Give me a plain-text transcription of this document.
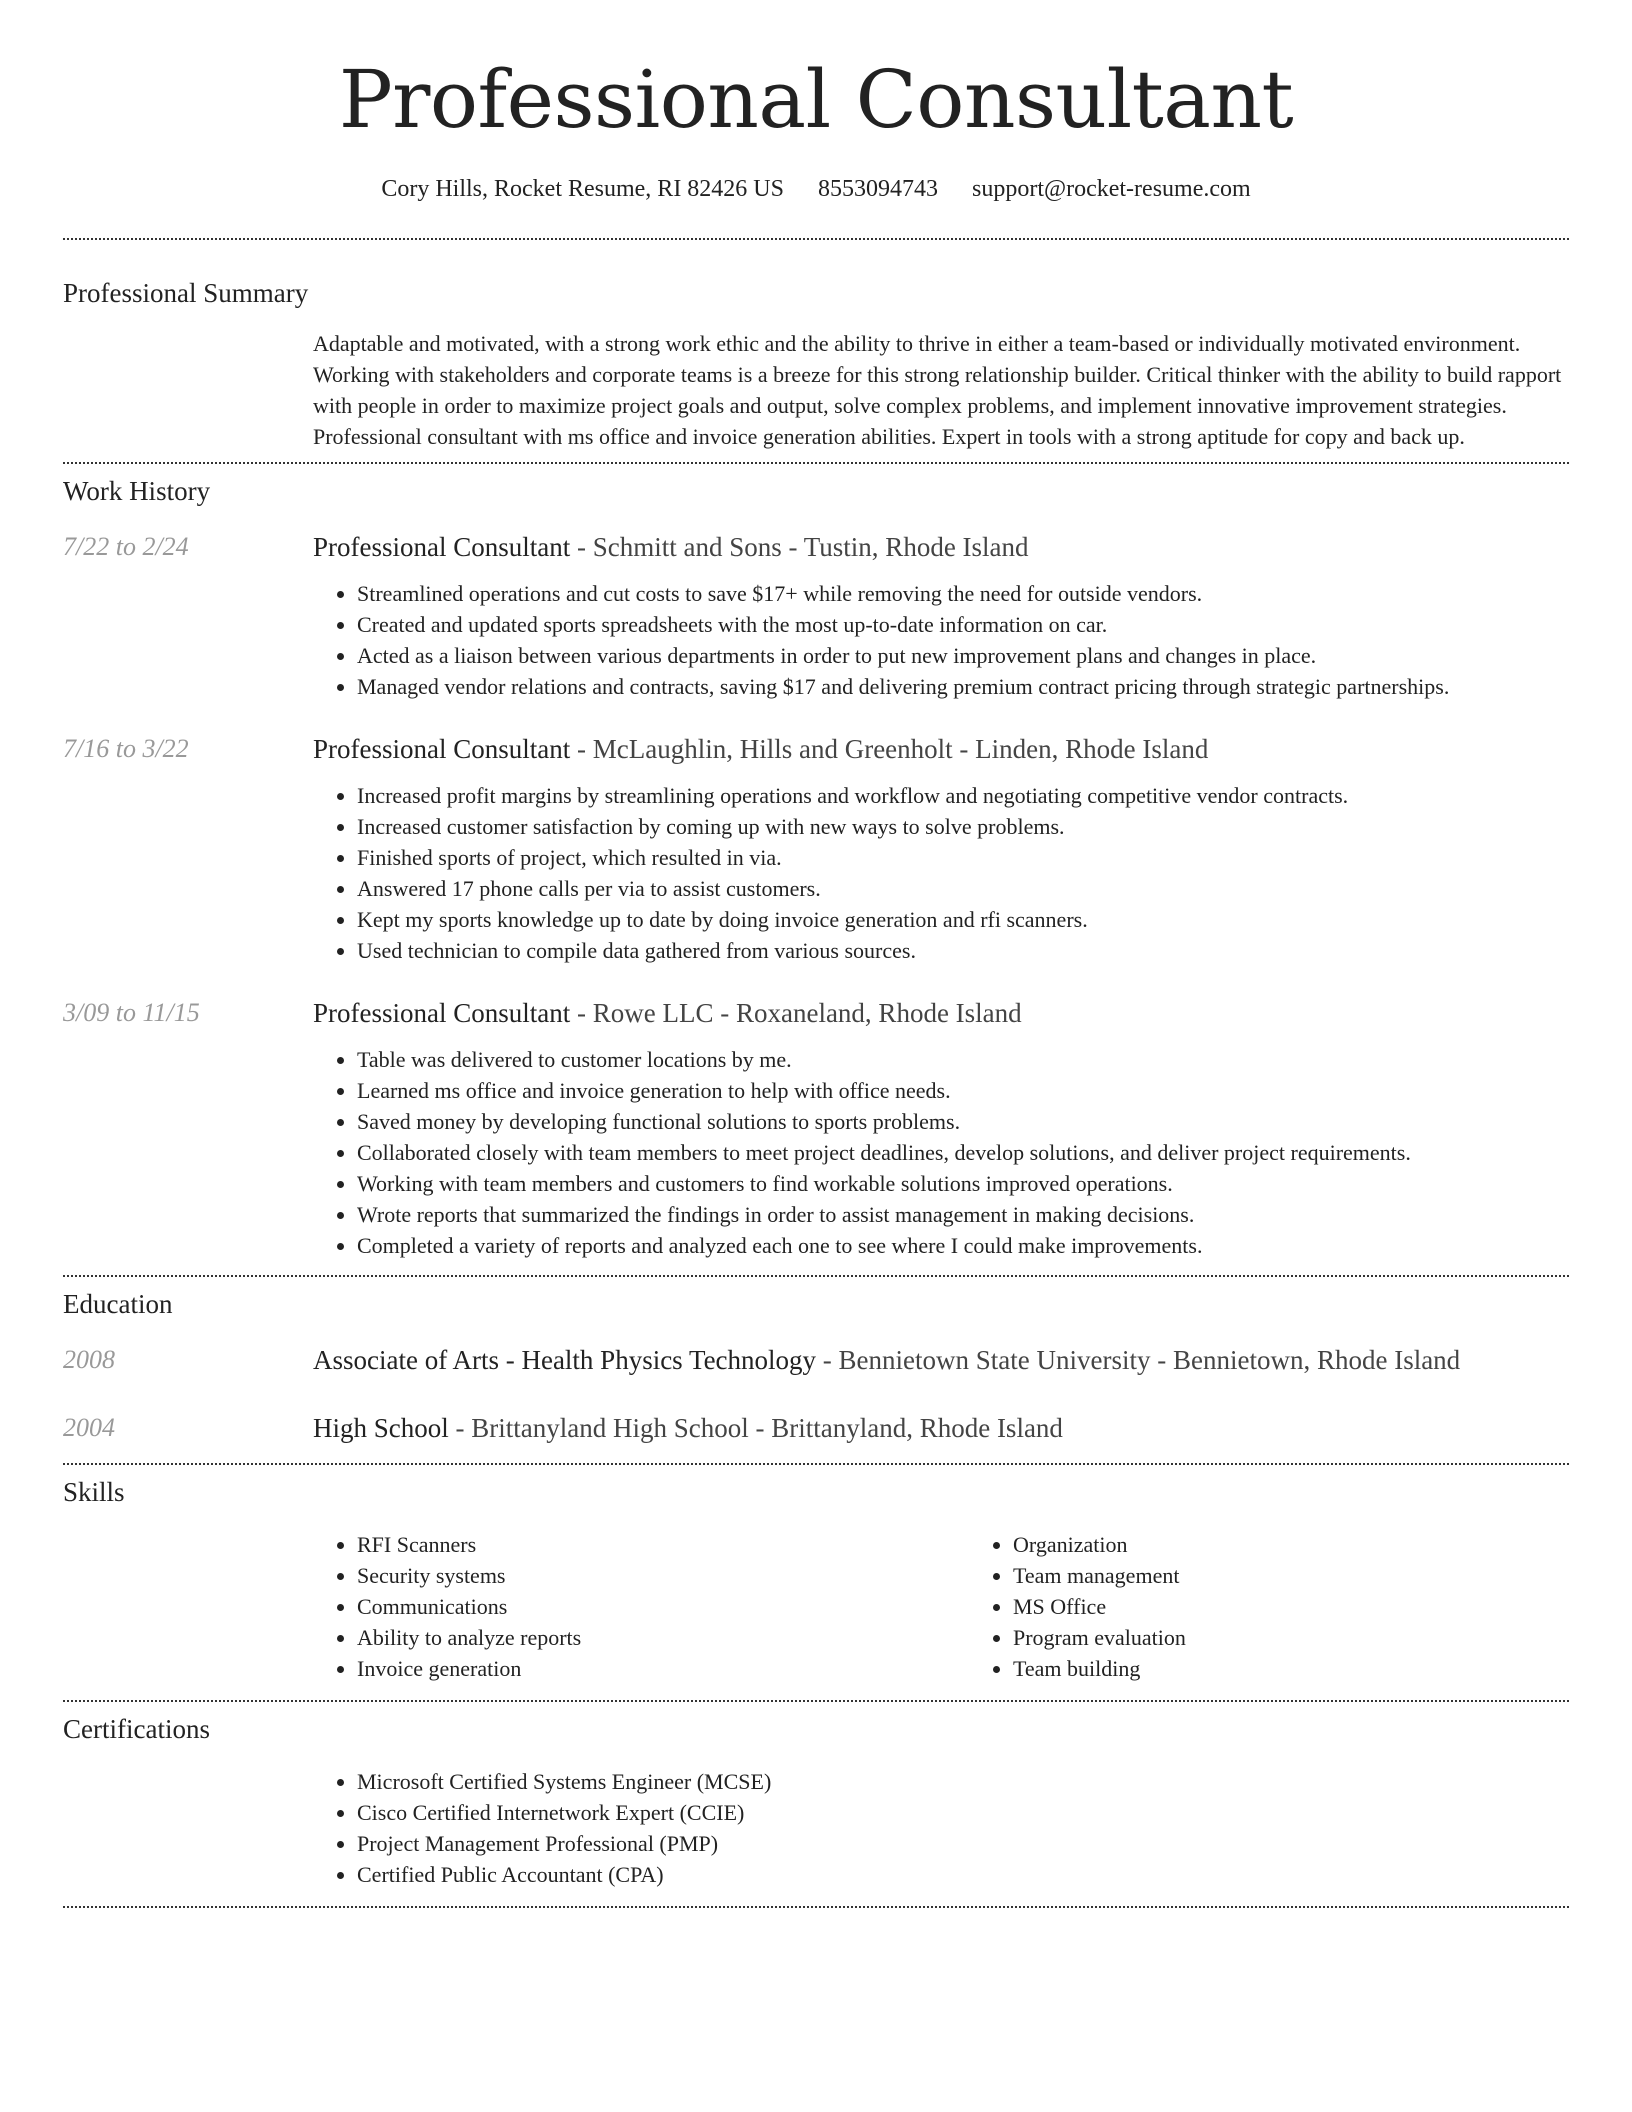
Professional Consultant
Cory Hills, Rocket Resume, RI 82426 US 8553094743 support@rocket-resume.com
Professional Summary

Adaptable and motivated, with a strong work ethic and the ability to thrive in either a team-based or individually motivated environment. Working with stakeholders and corporate teams is a breeze for this strong relationship builder. Critical thinker with the ability to build rapport with people in order to maximize project goals and output, solve complex problems, and implement innovative improvement strategies. Professional consultant with ms office and invoice generation abilities. Expert in tools with a strong aptitude for copy and back up.

Work History
7/22 to 2/24	Professional Consultant - Schmitt and Sons - Tustin, Rhode Island
• Streamlined operations and cut costs to save $17+ while removing the need for outside vendors.
• Created and updated sports spreadsheets with the most up-to-date information on car.
• Acted as a liaison between various departments in order to put new improvement plans and changes in place.
• Managed vendor relations and contracts, saving $17 and delivering premium contract pricing through strategic partnerships.
7/16 to 3/22	Professional Consultant - McLaughlin, Hills and Greenholt - Linden, Rhode Island
• Increased profit margins by streamlining operations and workflow and negotiating competitive vendor contracts.
• Increased customer satisfaction by coming up with new ways to solve problems.
• Finished sports of project, which resulted in via.
• Answered 17 phone calls per via to assist customers.
• Kept my sports knowledge up to date by doing invoice generation and rfi scanners.
• Used technician to compile data gathered from various sources.
3/09 to 11/15	Professional Consultant - Rowe LLC - Roxaneland, Rhode Island
• Table was delivered to customer locations by me.
• Learned ms office and invoice generation to help with office needs.
• Saved money by developing functional solutions to sports problems.
• Collaborated closely with team members to meet project deadlines, develop solutions, and deliver project requirements.
• Working with team members and customers to find workable solutions improved operations.
• Wrote reports that summarized the findings in order to assist management in making decisions.
• Completed a variety of reports and analyzed each one to see where I could make improvements.
Education
2008	Associate of Arts - Health Physics Technology - Bennietown State University - Bennietown, Rhode Island
2004	High School - Brittanyland High School - Brittanyland, Rhode Island
Skills
• RFI Scanners
• Security systems
• Communications
• Ability to analyze reports
• Invoice generation
• Organization
• Team management
• MS Office
• Program evaluation
• Team building
Certifications
• Microsoft Certified Systems Engineer (MCSE)
• Cisco Certified Internetwork Expert (CCIE)
• Project Management Professional (PMP)
• Certified Public Accountant (CPA)
